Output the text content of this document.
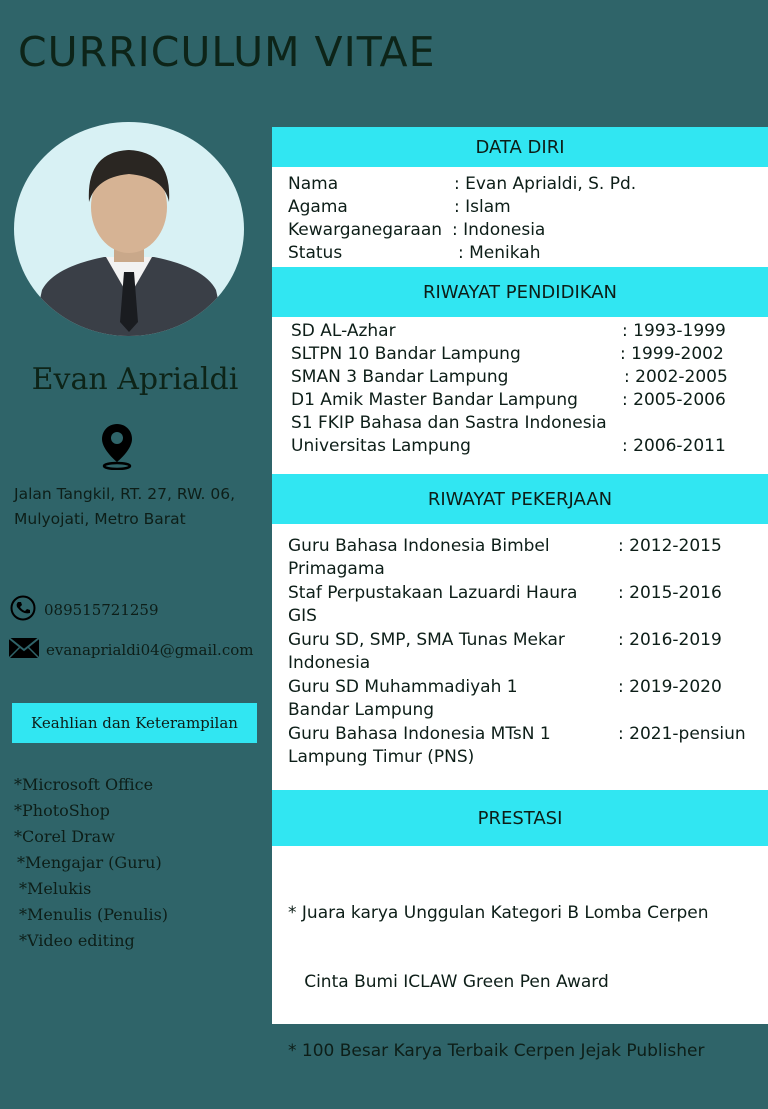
CURRICULUM VITAE
Evan Aprialdi
Jalan Tangkil, RT. 27, RW. 06,
Mulyojati, Metro Barat
089515721259
evanaprialdi04@gmail.com
Keahlian dan Keterampilan
*Microsoft Office
*PhotoShop
*Corel Draw
*Mengajar (Guru)
*Melukis
*Menulis (Penulis)
*Video editing
DATA DIRI
Nama
Agama
Kewarganegaraan
Status
: Evan Aprialdi, S. Pd.
: Islam
: Indonesia
: Menikah
RIWAYAT PENDIDIKAN
SD AL-Azhar
SLTPN 10 Bandar Lampung
SMAN 3 Bandar Lampung
D1 Amik Master Bandar Lampung
S1 FKIP Bahasa dan Sastra Indonesia
Universitas Lampung
: 1993-1999
: 1999-2002
: 2002-2005
: 2005-2006
: 2006-2011
RIWAYAT PEKERJAAN
Guru Bahasa Indonesia Bimbel
Primagama
Staf Perpustakaan Lazuardi Haura
GIS
Guru SD, SMP, SMA Tunas Mekar
Indonesia
Guru SD Muhammadiyah 1
Bandar Lampung
Guru Bahasa Indonesia MTsN 1
Lampung Timur (PNS)
: 2012-2015
: 2015-2016
: 2016-2019
: 2019-2020
: 2021-pensiun
PRESTASI

* Juara karya Unggulan Kategori B Lomba Cerpen

Cinta Bumi ICLAW Green Pen Award

* 100 Besar Karya Terbaik Cerpen Jejak Publisher
